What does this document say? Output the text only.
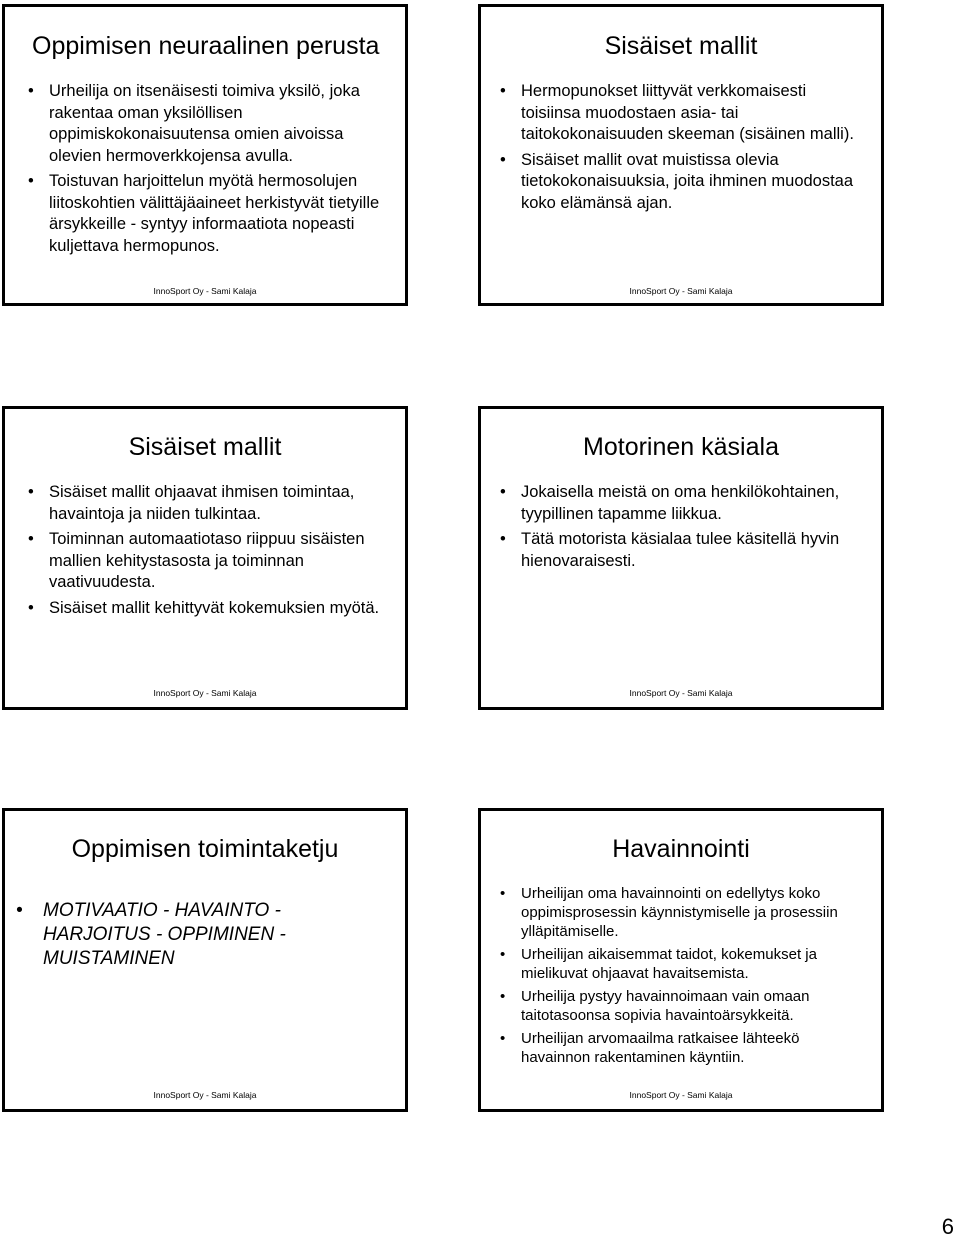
Oppimisen neuraalinen perusta
• Urheilija on itsenäisesti toimiva yksilö, joka rakentaa oman yksilöllisen oppimiskokonaisuutensa omien aivoissa olevien hermoverkkojensa avulla.
• Toistuvan harjoittelun myötä hermosolujen liitoskohtien välittäjäaineet herkistyvät tietyille ärsykkeille - syntyy informaatiota nopeasti kuljettava hermopunos.
InnoSport Oy - Sami Kalaja
Sisäiset mallit
• Hermopunokset liittyvät verkkomaisesti toisiinsa muodostaen asia- tai taitokokonaisuuden skeeman (sisäinen malli).
• Sisäiset mallit ovat muistissa olevia tietokokonaisuuksia, joita ihminen muodostaa koko elämänsä ajan.
InnoSport Oy - Sami Kalaja
Sisäiset mallit
• Sisäiset mallit ohjaavat ihmisen toimintaa, havaintoja ja niiden tulkintaa.
• Toiminnan automaatiotaso riippuu sisäisten mallien kehitystasosta ja toiminnan vaativuudesta.
• Sisäiset mallit kehittyvät kokemuksien myötä.
InnoSport Oy - Sami Kalaja
Motorinen käsiala
• Jokaisella meistä on oma henkilökohtainen, tyypillinen tapamme liikkua.
• Tätä motorista käsialaa tulee käsitellä hyvin hienovaraisesti.
InnoSport Oy - Sami Kalaja
Oppimisen toimintaketju
• MOTIVAATIO - HAVAINTO - HARJOITUS - OPPIMINEN - MUISTAMINEN
InnoSport Oy - Sami Kalaja
Havainnointi
• Urheilijan oma havainnointi on edellytys koko oppimisprosessin käynnistymiselle ja prosessiin ylläpitämiselle.
• Urheilijan aikaisemmat taidot, kokemukset ja mielikuvat ohjaavat havaitsemista.
• Urheilija pystyy havainnoimaan vain omaan taitotasoonsa sopivia havaintoärsykkeitä.
• Urheilijan arvomaailma ratkaisee lähteekö havainnon rakentaminen käyntiin.
InnoSport Oy - Sami Kalaja
6
